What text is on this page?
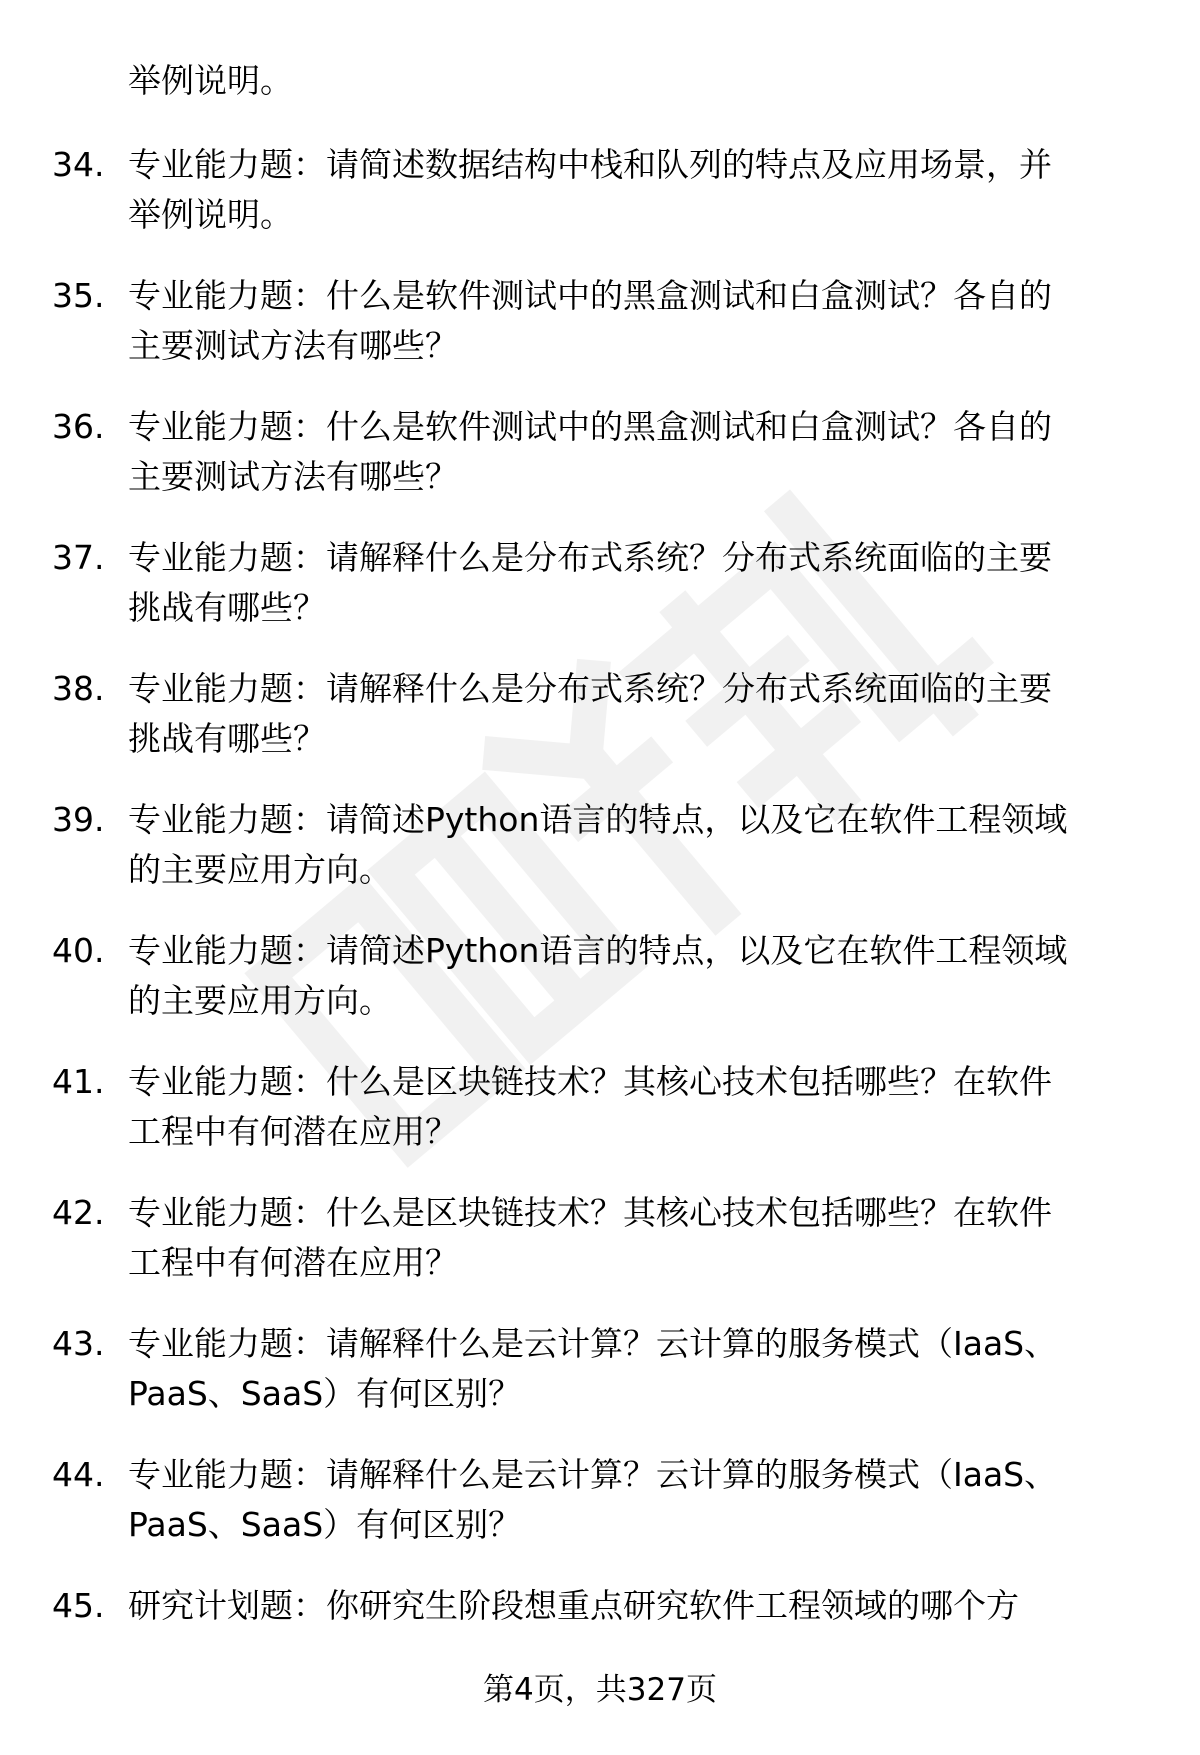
举例说明。
34. 专业能力题：请简述数据结构中栈和队列的特点及应用场景，并
举例说明。
35. 专业能力题：什么是软件测试中的黑盒测试和白盒测试？各自的
主要测试方法有哪些？
36. 专业能力题：什么是软件测试中的黑盒测试和白盒测试？各自的
主要测试方法有哪些？
37. 专业能力题：请解释什么是分布式系统？分布式系统面临的主要
挑战有哪些？
38. 专业能力题：请解释什么是分布式系统？分布式系统面临的主要
挑战有哪些？
39. 专业能力题：请简述Python语言的特点，以及它在软件工程领域
的主要应用方向。
40. 专业能力题：请简述Python语言的特点，以及它在软件工程领域
的主要应用方向。
41. 专业能力题：什么是区块链技术？其核心技术包括哪些？在软件
工程中有何潜在应用？
42. 专业能力题：什么是区块链技术？其核心技术包括哪些？在软件
工程中有何潜在应用？
43. 专业能力题：请解释什么是云计算？云计算的服务模式（IaaS、
PaaS、SaaS）有何区别？
44. 专业能力题：请解释什么是云计算？云计算的服务模式（IaaS、
PaaS、SaaS）有何区别？
45. 研究计划题：你研究生阶段想重点研究软件工程领域的哪个方
第4页，共327页
